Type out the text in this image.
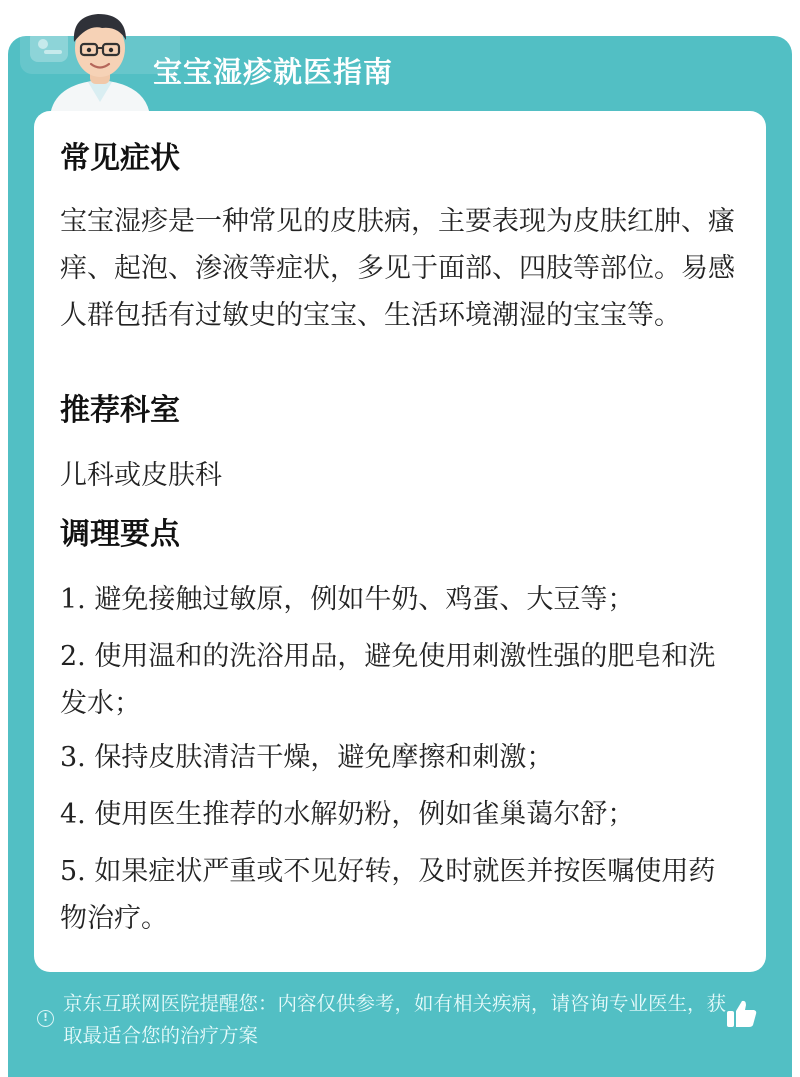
宝宝湿疹就医指南
常见症状

宝宝湿疹是一种常见的皮肤病，主要表现为皮肤红肿、瘙痒、起泡、渗液等症状，多见于面部、四肢等部位。易感人群包括有过敏史的宝宝、生活环境潮湿的宝宝等。

推荐科室

儿科或皮肤科

调理要点

1. 避免接触过敏原，例如牛奶、鸡蛋、大豆等；

2. 使用温和的洗浴用品，避免使用刺激性强的肥皂和洗发水；

3. 保持皮肤清洁干燥，避免摩擦和刺激；

4. 使用医生推荐的水解奶粉，例如雀巢蔼尔舒；

5. 如果症状严重或不见好转，及时就医并按医嘱使用药物治疗。

!

京东互联网医院提醒您：内容仅供参考，如有相关疾病，请咨询专业医生，获取最适合您的治疗方案
